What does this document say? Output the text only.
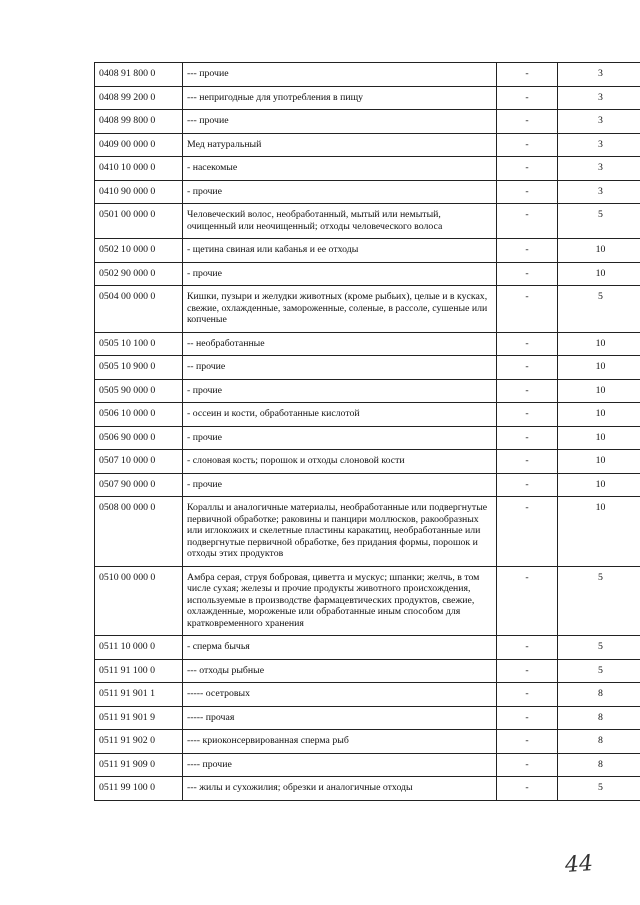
0408 91 800 0	--- прочие	-	3
0408 99 200 0	--- непригодные для употребления в пищу	-	3
0408 99 800 0	--- прочие	-	3
0409 00 000 0	Мед натуральный	-	3
0410 10 000 0	- насекомые	-	3
0410 90 000 0	- прочие	-	3
0501 00 000 0	Человеческий волос, необработанный, мытый или немытый, очищенный или неочищенный; отходы человеческого волоса	-	5
0502 10 000 0	- щетина свиная или кабанья и ее отходы	-	10
0502 90 000 0	- прочие	-	10
0504 00 000 0	Кишки, пузыри и желудки животных (кроме рыбьих), целые и в кусках, свежие, охлажденные, замороженные, соленые, в рассоле, сушеные или копченые	-	5
0505 10 100 0	-- необработанные	-	10
0505 10 900 0	-- прочие	-	10
0505 90 000 0	- прочие	-	10
0506 10 000 0	- оссеин и кости, обработанные кислотой	-	10
0506 90 000 0	- прочие	-	10
0507 10 000 0	- слоновая кость; порошок и отходы слоновой кости	-	10
0507 90 000 0	- прочие	-	10
0508 00 000 0	Кораллы и аналогичные материалы, необработанные или подвергнутые первичной обработке; раковины и панцири моллюсков, ракообразных или иглокожих и скелетные пластины каракатиц, необработанные или подвергнутые первичной обработке, без придания формы, порошок и отходы этих продуктов	-	10
0510 00 000 0	Амбра серая, струя бобровая, циветта и мускус; шпанки; желчь, в том числе сухая; железы и прочие продукты животного происхождения, используемые в производстве фармацевтических продуктов, свежие, охлажденные, мороженые или обработанные иным способом для кратковременного хранения	-	5
0511 10 000 0	- сперма бычья	-	5
0511 91 100 0	--- отходы рыбные	-	5
0511 91 901 1	----- осетровых	-	8
0511 91 901 9	----- прочая	-	8
0511 91 902 0	---- криоконсервированная сперма рыб	-	8
0511 91 909 0	---- прочие	-	8
0511 99 100 0	--- жилы и сухожилия; обрезки и аналогичные отходы	-	5
44
